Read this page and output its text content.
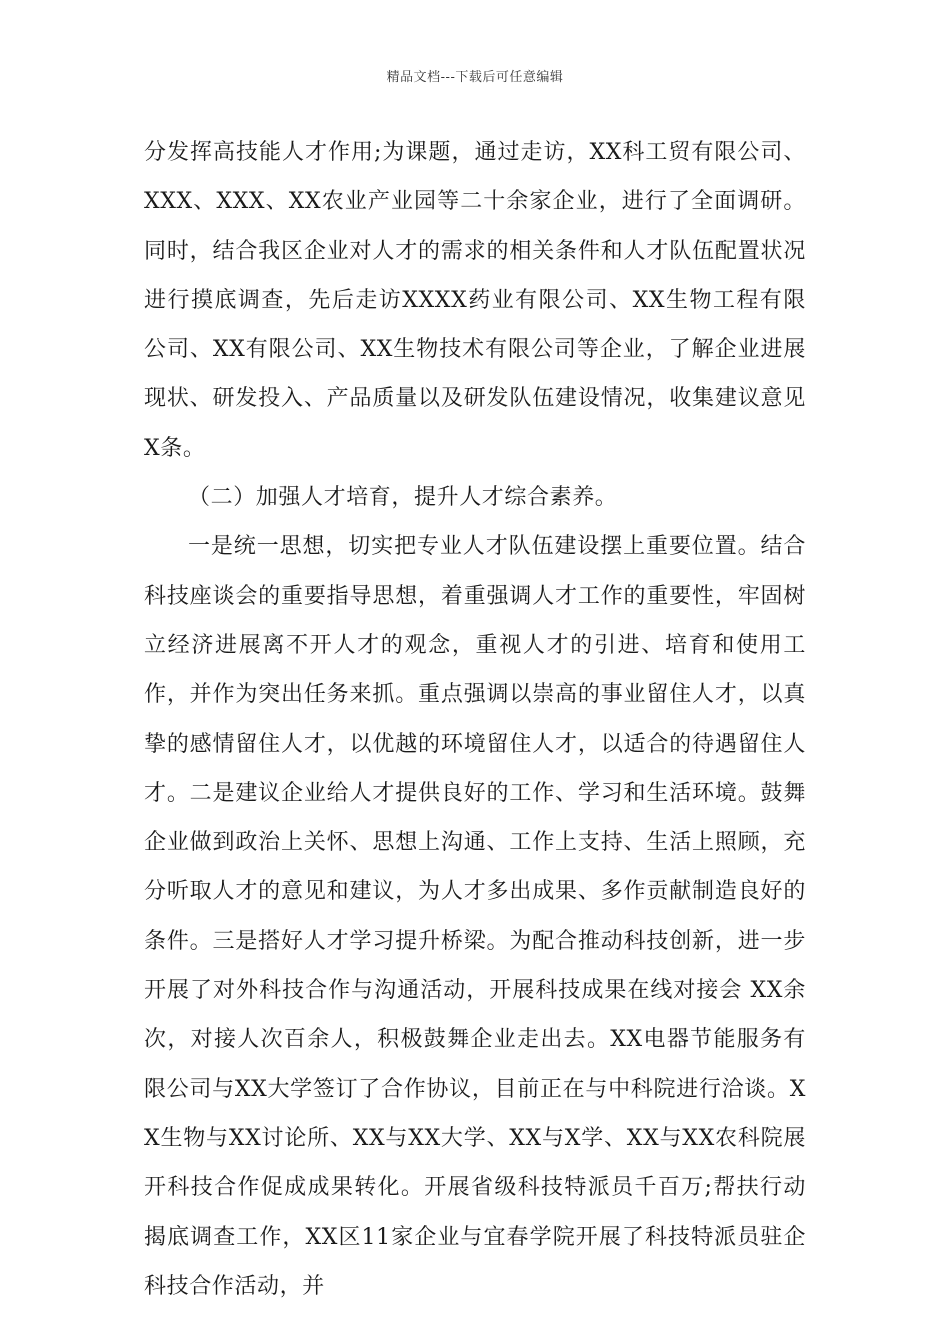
精品文档---下载后可任意编辑

分发挥高技能人才作用;为课题，通过走访，XX科工贸有限公司、XXX、XXX、XX农业产业园等二十余家企业，进行了全面调研。同时，结合我区企业对人才的需求的相关条件和人才队伍配置状况进行摸底调查，先后走访XXXX药业有限公司、XX生物工程有限公司、XX有限公司、XX生物技术有限公司等企业，了解企业进展现状、研发投入、产品质量以及研发队伍建设情况，收集建议意见X条。

（二）加强人才培育，提升人才综合素养。

一是统一思想，切实把专业人才队伍建设摆上重要位置。结合科技座谈会的重要指导思想，着重强调人才工作的重要性，牢固树立经济进展离不开人才的观念，重视人才的引进、培育和使用工作，并作为突出任务来抓。重点强调以崇高的事业留住人才，以真挚的感情留住人才，以优越的环境留住人才，以适合的待遇留住人才。二是建议企业给人才提供良好的工作、学习和生活环境。鼓舞企业做到政治上关怀、思想上沟通、工作上支持、生活上照顾，充分听取人才的意见和建议，为人才多出成果、多作贡献制造良好的条件。三是搭好人才学习提升桥梁。为配合推动科技创新，进一步开展了对外科技合作与沟通活动，开展科技成果在线对接会 XX余次，对接人次百余人，积极鼓舞企业走出去。XX电器节能服务有限公司与XX大学签订了合作协议，目前正在与中科院进行洽谈。XX生物与XX讨论所、XX与XX大学、XX与X学、XX与XX农科院展开科技合作促成成果转化。开展省级科技特派员千百万;帮扶行动揭底调查工作，XX区11家企业与宜春学院开展了科技特派员驻企科技合作活动，并
